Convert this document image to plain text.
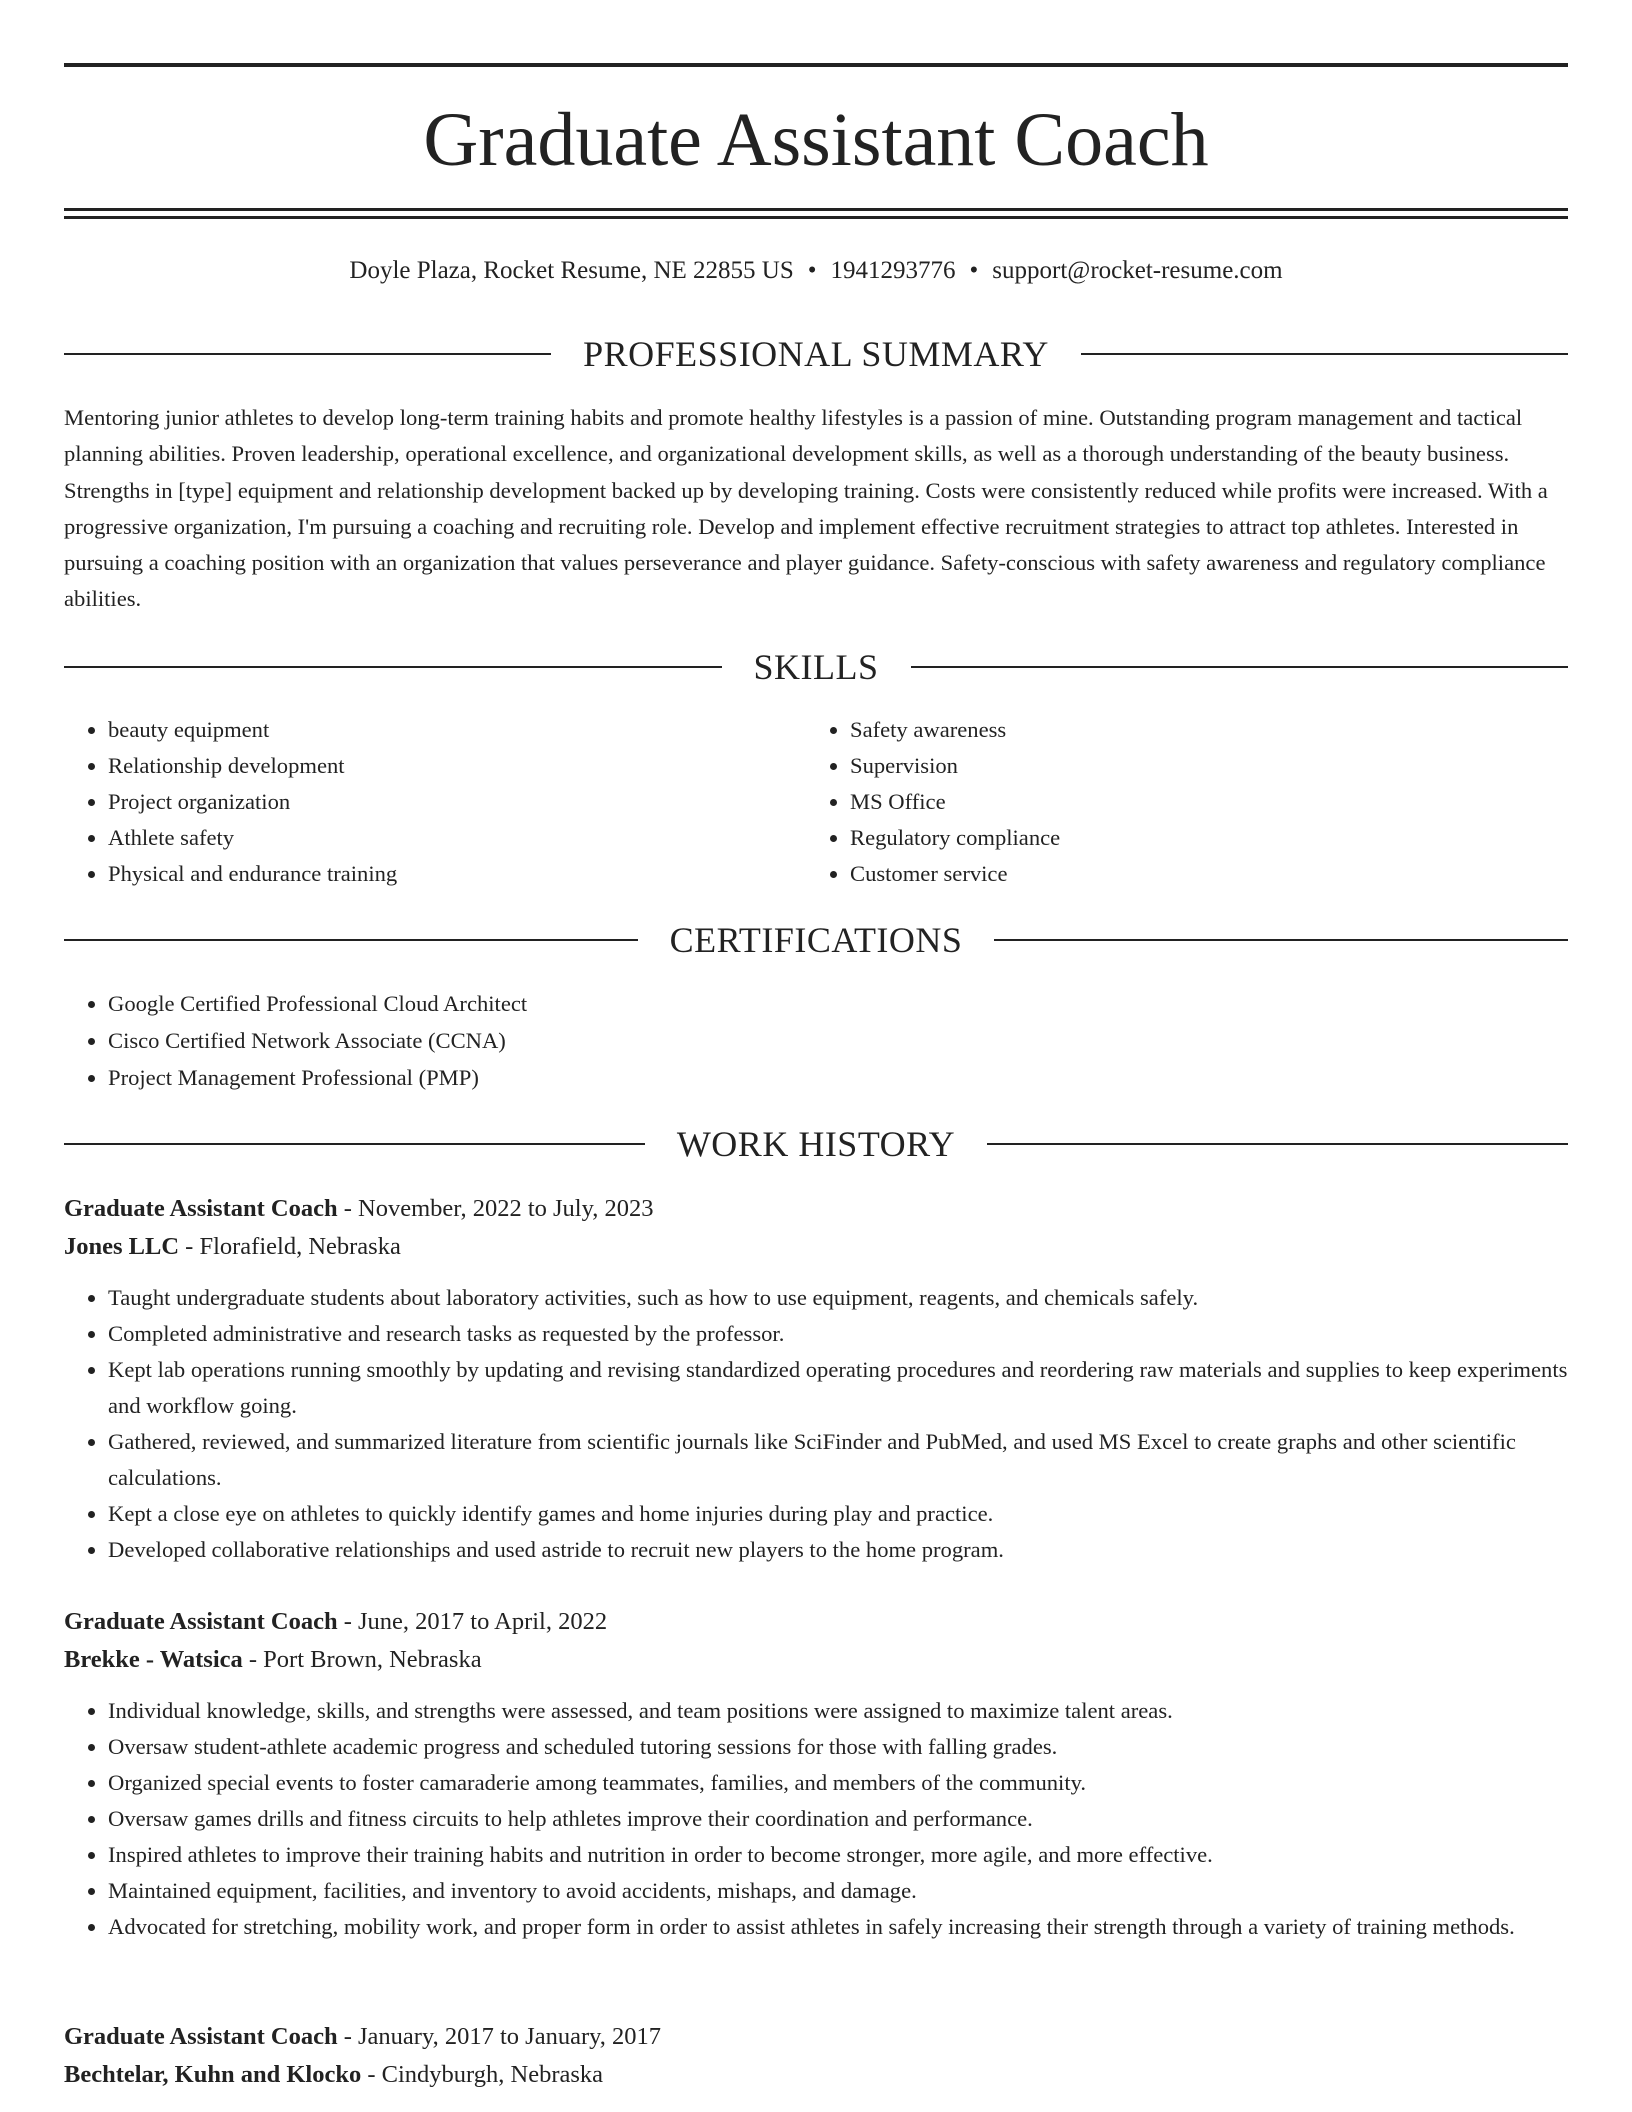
Graduate Assistant Coach
Doyle Plaza, Rocket Resume, NE 22855 US • 1941293776 • support@rocket-resume.com
PROFESSIONAL SUMMARY

Mentoring junior athletes to develop long-term training habits and promote healthy lifestyles is a passion of mine. Outstanding program management and tactical planning abilities. Proven leadership, operational excellence, and organizational development skills, as well as a thorough understanding of the beauty business. Strengths in [type] equipment and relationship development backed up by developing training. Costs were consistently reduced while profits were increased. With a progressive organization, I'm pursuing a coaching and recruiting role. Develop and implement effective recruitment strategies to attract top athletes. Interested in pursuing a coaching position with an organization that values perseverance and player guidance. Safety-conscious with safety awareness and regulatory compliance abilities.

SKILLS
• beauty equipment
• Relationship development
• Project organization
• Athlete safety
• Physical and endurance training
• Safety awareness
• Supervision
• MS Office
• Regulatory compliance
• Customer service
CERTIFICATIONS
• Google Certified Professional Cloud Architect
• Cisco Certified Network Associate (CCNA)
• Project Management Professional (PMP)
WORK HISTORY
Graduate Assistant Coach - November, 2022 to July, 2023
Jones LLC - Florafield, Nebraska
• Taught undergraduate students about laboratory activities, such as how to use equipment, reagents, and chemicals safely.
• Completed administrative and research tasks as requested by the professor.
• Kept lab operations running smoothly by updating and revising standardized operating procedures and reordering raw materials and supplies to keep experiments and workflow going.
• Gathered, reviewed, and summarized literature from scientific journals like SciFinder and PubMed, and used MS Excel to create graphs and other scientific calculations.
• Kept a close eye on athletes to quickly identify games and home injuries during play and practice.
• Developed collaborative relationships and used astride to recruit new players to the home program.
Graduate Assistant Coach - June, 2017 to April, 2022
Brekke - Watsica - Port Brown, Nebraska
• Individual knowledge, skills, and strengths were assessed, and team positions were assigned to maximize talent areas.
• Oversaw student-athlete academic progress and scheduled tutoring sessions for those with falling grades.
• Organized special events to foster camaraderie among teammates, families, and members of the community.
• Oversaw games drills and fitness circuits to help athletes improve their coordination and performance.
• Inspired athletes to improve their training habits and nutrition in order to become stronger, more agile, and more effective.
• Maintained equipment, facilities, and inventory to avoid accidents, mishaps, and damage.
• Advocated for stretching, mobility work, and proper form in order to assist athletes in safely increasing their strength through a variety of training methods.
Graduate Assistant Coach - January, 2017 to January, 2017
Bechtelar, Kuhn and Klocko - Cindyburgh, Nebraska
